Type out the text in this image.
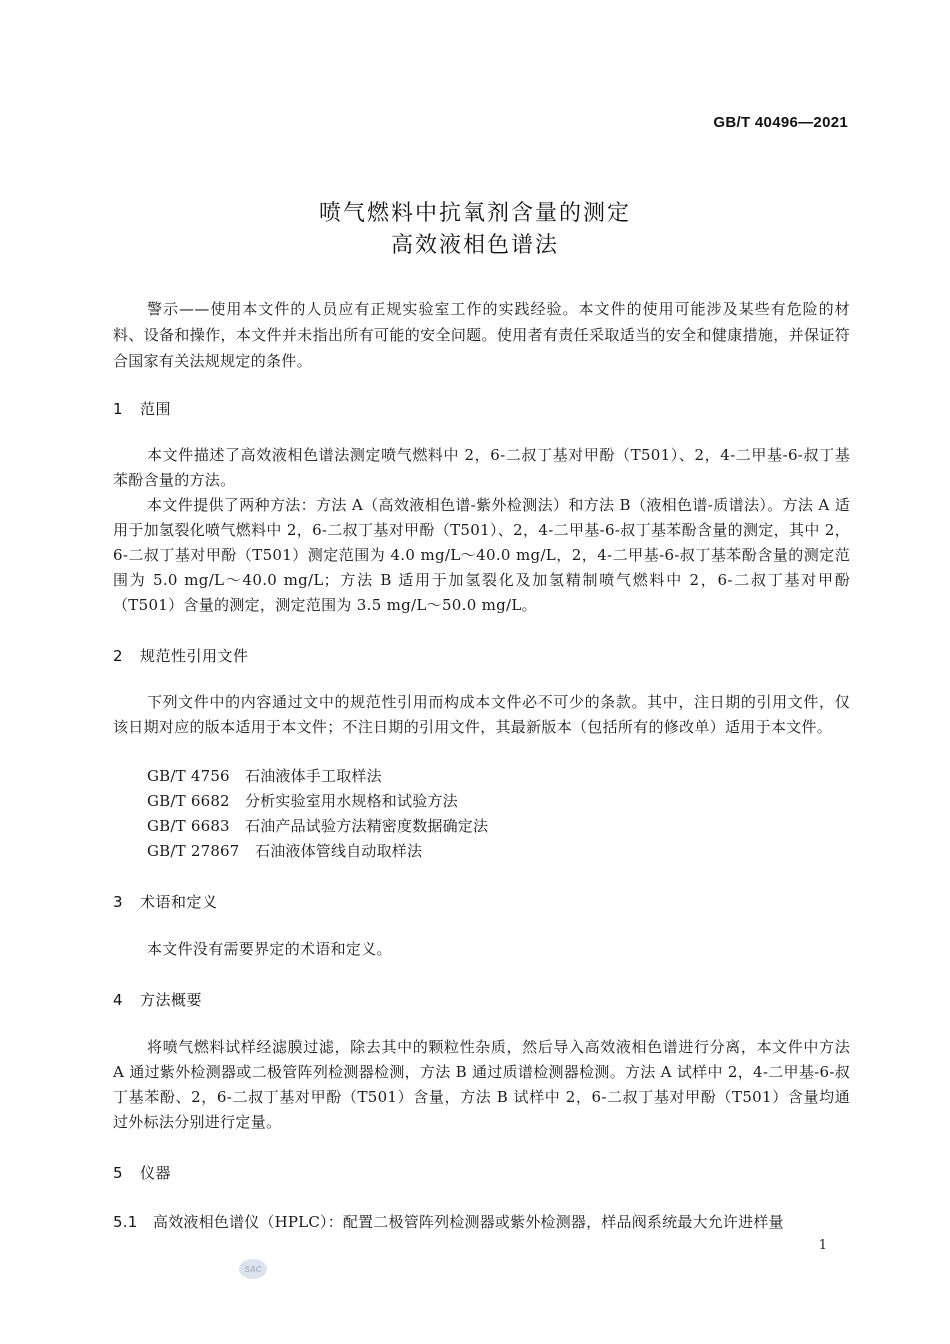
GB/T 40496—2021
喷气燃料中抗氧剂含量的测定
高效液相色谱法
警示——使用本文件的人员应有正规实验室工作的实践经验。本文件的使用可能涉及某些有危险的材料、设备和操作，本文件并未指出所有可能的安全问题。使用者有责任采取适当的安全和健康措施，并保证符合国家有关法规规定的条件。
1 范围
本文件描述了高效液相色谱法测定喷气燃料中 2，6-二叔丁基对甲酚（T501）、2，4-二甲基-6-叔丁基苯酚含量的方法。
本文件提供了两种方法：方法 A（高效液相色谱-紫外检测法）和方法 B（液相色谱-质谱法）。方法 A 适用于加氢裂化喷气燃料中 2，6-二叔丁基对甲酚（T501）、2，4-二甲基-6-叔丁基苯酚含量的测定，其中 2，6-二叔丁基对甲酚（T501）测定范围为 4.0 mg/L～40.0 mg/L，2，4-二甲基-6-叔丁基苯酚含量的测定范围为 5.0 mg/L～40.0 mg/L；方法 B 适用于加氢裂化及加氢精制喷气燃料中 2，6-二叔丁基对甲酚（T501）含量的测定，测定范围为 3.5 mg/L～50.0 mg/L。
2 规范性引用文件
下列文件中的内容通过文中的规范性引用而构成本文件必不可少的条款。其中，注日期的引用文件，仅该日期对应的版本适用于本文件；不注日期的引用文件，其最新版本（包括所有的修改单）适用于本文件。
GB/T 4756 石油液体手工取样法
GB/T 6682 分析实验室用水规格和试验方法
GB/T 6683 石油产品试验方法精密度数据确定法
GB/T 27867 石油液体管线自动取样法
3 术语和定义
本文件没有需要界定的术语和定义。
4 方法概要
将喷气燃料试样经滤膜过滤，除去其中的颗粒性杂质，然后导入高效液相色谱进行分离，本文件中方法 A 通过紫外检测器或二极管阵列检测器检测，方法 B 通过质谱检测器检测。方法 A 试样中 2，4-二甲基-6-叔丁基苯酚、2，6-二叔丁基对甲酚（T501）含量，方法 B 试样中 2，6-二叔丁基对甲酚（T501）含量均通过外标法分别进行定量。
5 仪器
5.1 高效液相色谱仪（HPLC）：配置二极管阵列检测器或紫外检测器，样品阀系统最大允许进样量
1
SAC
